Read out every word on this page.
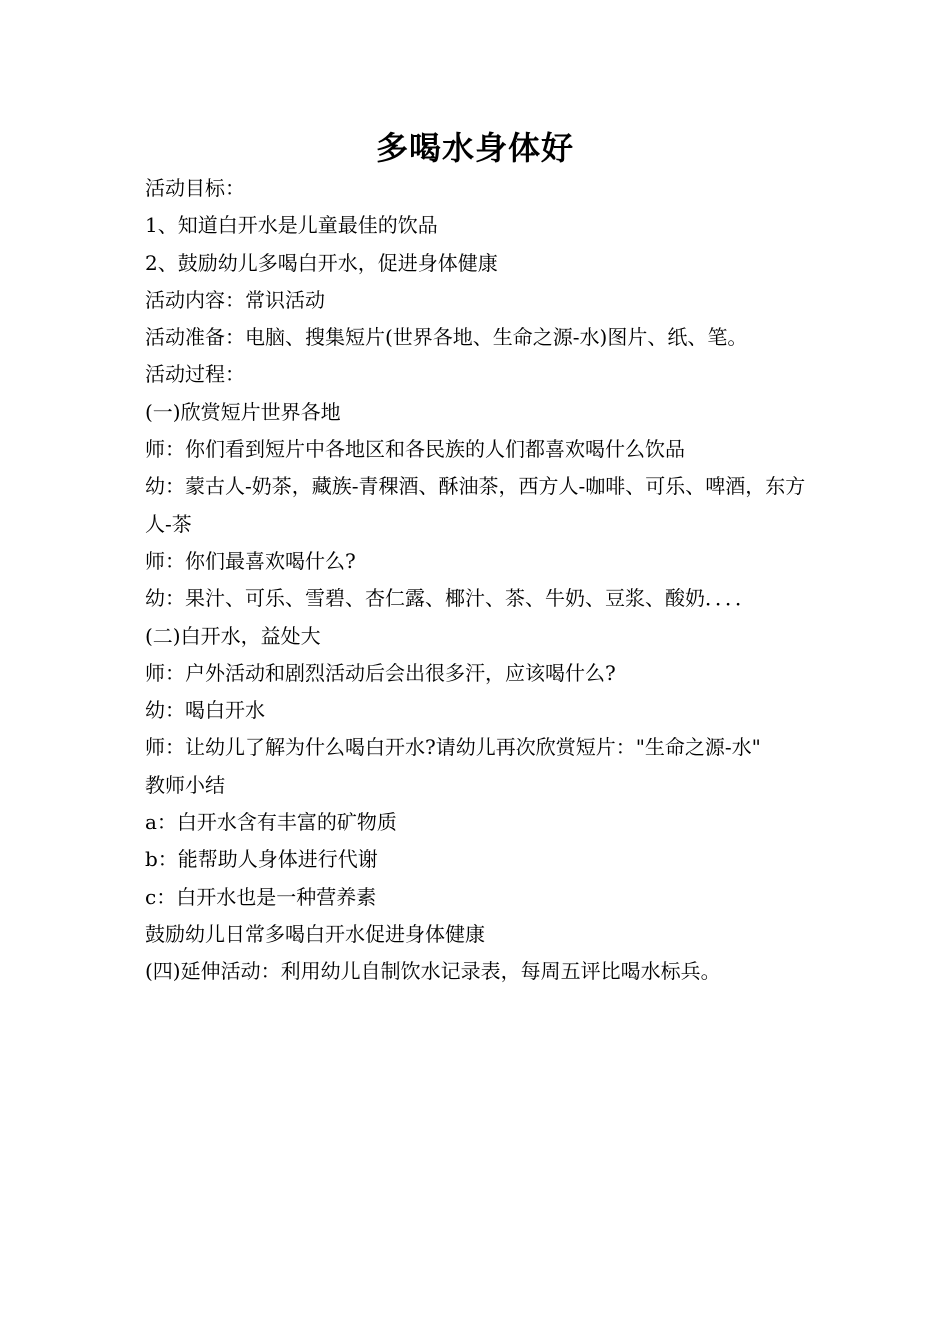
多喝水身体好
活动目标：
1、知道白开水是儿童最佳的饮品
2、鼓励幼儿多喝白开水，促进身体健康
活动内容：常识活动
活动准备：电脑、搜集短片(世界各地、生命之源-水)图片、纸、笔。
活动过程：
(一)欣赏短片世界各地
师：你们看到短片中各地区和各民族的人们都喜欢喝什么饮品
幼：蒙古人-奶茶，藏族-青稞酒、酥油茶，西方人-咖啡、可乐、啤酒，东方人-茶
师：你们最喜欢喝什么?
幼：果汁、可乐、雪碧、杏仁露、椰汁、茶、牛奶、豆浆、酸奶．．．．
(二)白开水，益处大
师：户外活动和剧烈活动后会出很多汗，应该喝什么?
幼：喝白开水
师：让幼儿了解为什么喝白开水?请幼儿再次欣赏短片："生命之源-水"
教师小结
a：白开水含有丰富的矿物质
b：能帮助人身体进行代谢
c：白开水也是一种营养素
鼓励幼儿日常多喝白开水促进身体健康
(四)延伸活动：利用幼儿自制饮水记录表，每周五评比喝水标兵。
